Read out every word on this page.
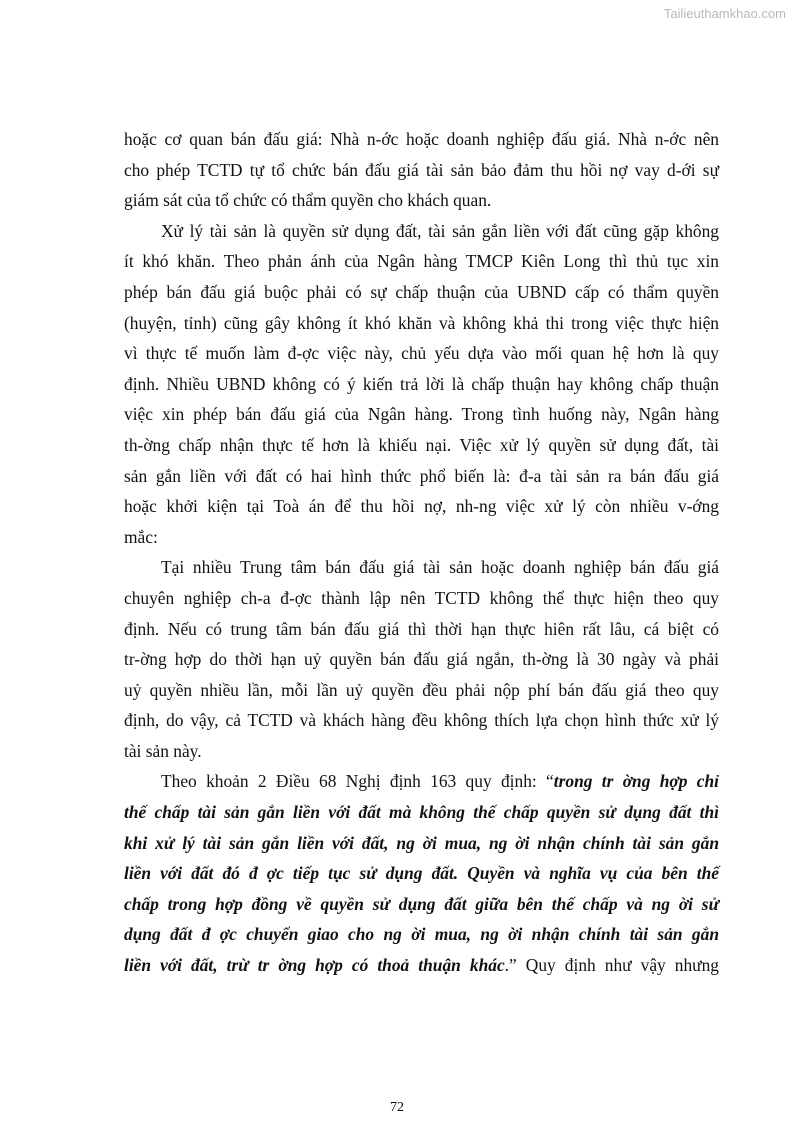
Tailieuthamkhao.com
hoặc cơ quan bán đấu giá: Nhà n-ớc hoặc doanh nghiệp đấu giá. Nhà n-ớc nên
cho phép TCTD tự tổ chức bán đấu giá tài sản bảo đảm thu hồi nợ vay d-ới sự
giám sát của tổ chức có thẩm quyền cho khách quan.
Xử lý tài sản là quyền sử dụng đất, tài sản gắn liền với đất cũng gặp không
ít khó khăn. Theo phản ánh của Ngân hàng TMCP Kiên Long thì thủ tục xin
phép bán đấu giá buộc phải có sự chấp thuận của UBND cấp có thẩm quyền
(huyện, tỉnh) cũng gây không ít khó khăn và không khả thi trong việc thực hiện
vì thực tế muốn làm đ-ợc việc này, chủ yếu dựa vào mối quan hệ hơn là quy
định. Nhiều UBND không có ý kiến trả lời là chấp thuận hay không chấp thuận
việc xin phép bán đấu giá của Ngân hàng. Trong tình huống này, Ngân hàng
th-ờng chấp nhận thực tế hơn là khiếu nại. Việc xử lý quyền sử dụng đất, tài
sản gắn liền với đất có hai hình thức phổ biến là: đ-a tài sản ra bán đấu giá
hoặc khởi kiện tại Toà án để thu hồi nợ, nh-ng việc xử lý còn nhiều v-ớng
mắc:
Tại nhiều Trung tâm bán đấu giá tài sản hoặc doanh nghiệp bán đấu giá
chuyên nghiệp ch-a đ-ợc thành lập nên TCTD không thể thực hiện theo quy
định. Nếu có trung tâm bán đấu giá thì thời hạn thực hiên rất lâu, cá biệt có
tr-ờng hợp do thời hạn uỷ quyền bán đấu giá ngắn, th-ờng là 30 ngày và phải
uỷ quyền nhiều lần, mỗi lần uỷ quyền đều phải nộp phí bán đấu giá theo quy
định, do vậy, cả TCTD và khách hàng đều không thích lựa chọn hình thức xử lý
tài sản này.
Theo khoản 2 Điều 68 Nghị định 163 quy định: “trong tr ờng hợp chỉ
thế chấp tài sản gắn liền với đất mà không thế chấp quyền sử dụng đất thì
khi xử lý tài sản gắn liền với đất, ng ời mua, ng ời nhận chính tài sản gắn
liền với đất đó đ ợc tiếp tục sử dụng đất. Quyền và nghĩa vụ của bên thế
chấp trong hợp đồng về quyền sử dụng đất giữa bên thế chấp và ng ời sử
dụng đất đ ợc chuyển giao cho ng ời mua, ng ời nhận chính tài sản gắn
liền với đất, trừ tr ờng hợp có thoả thuận khác.” Quy định như vậy nhưng
72
